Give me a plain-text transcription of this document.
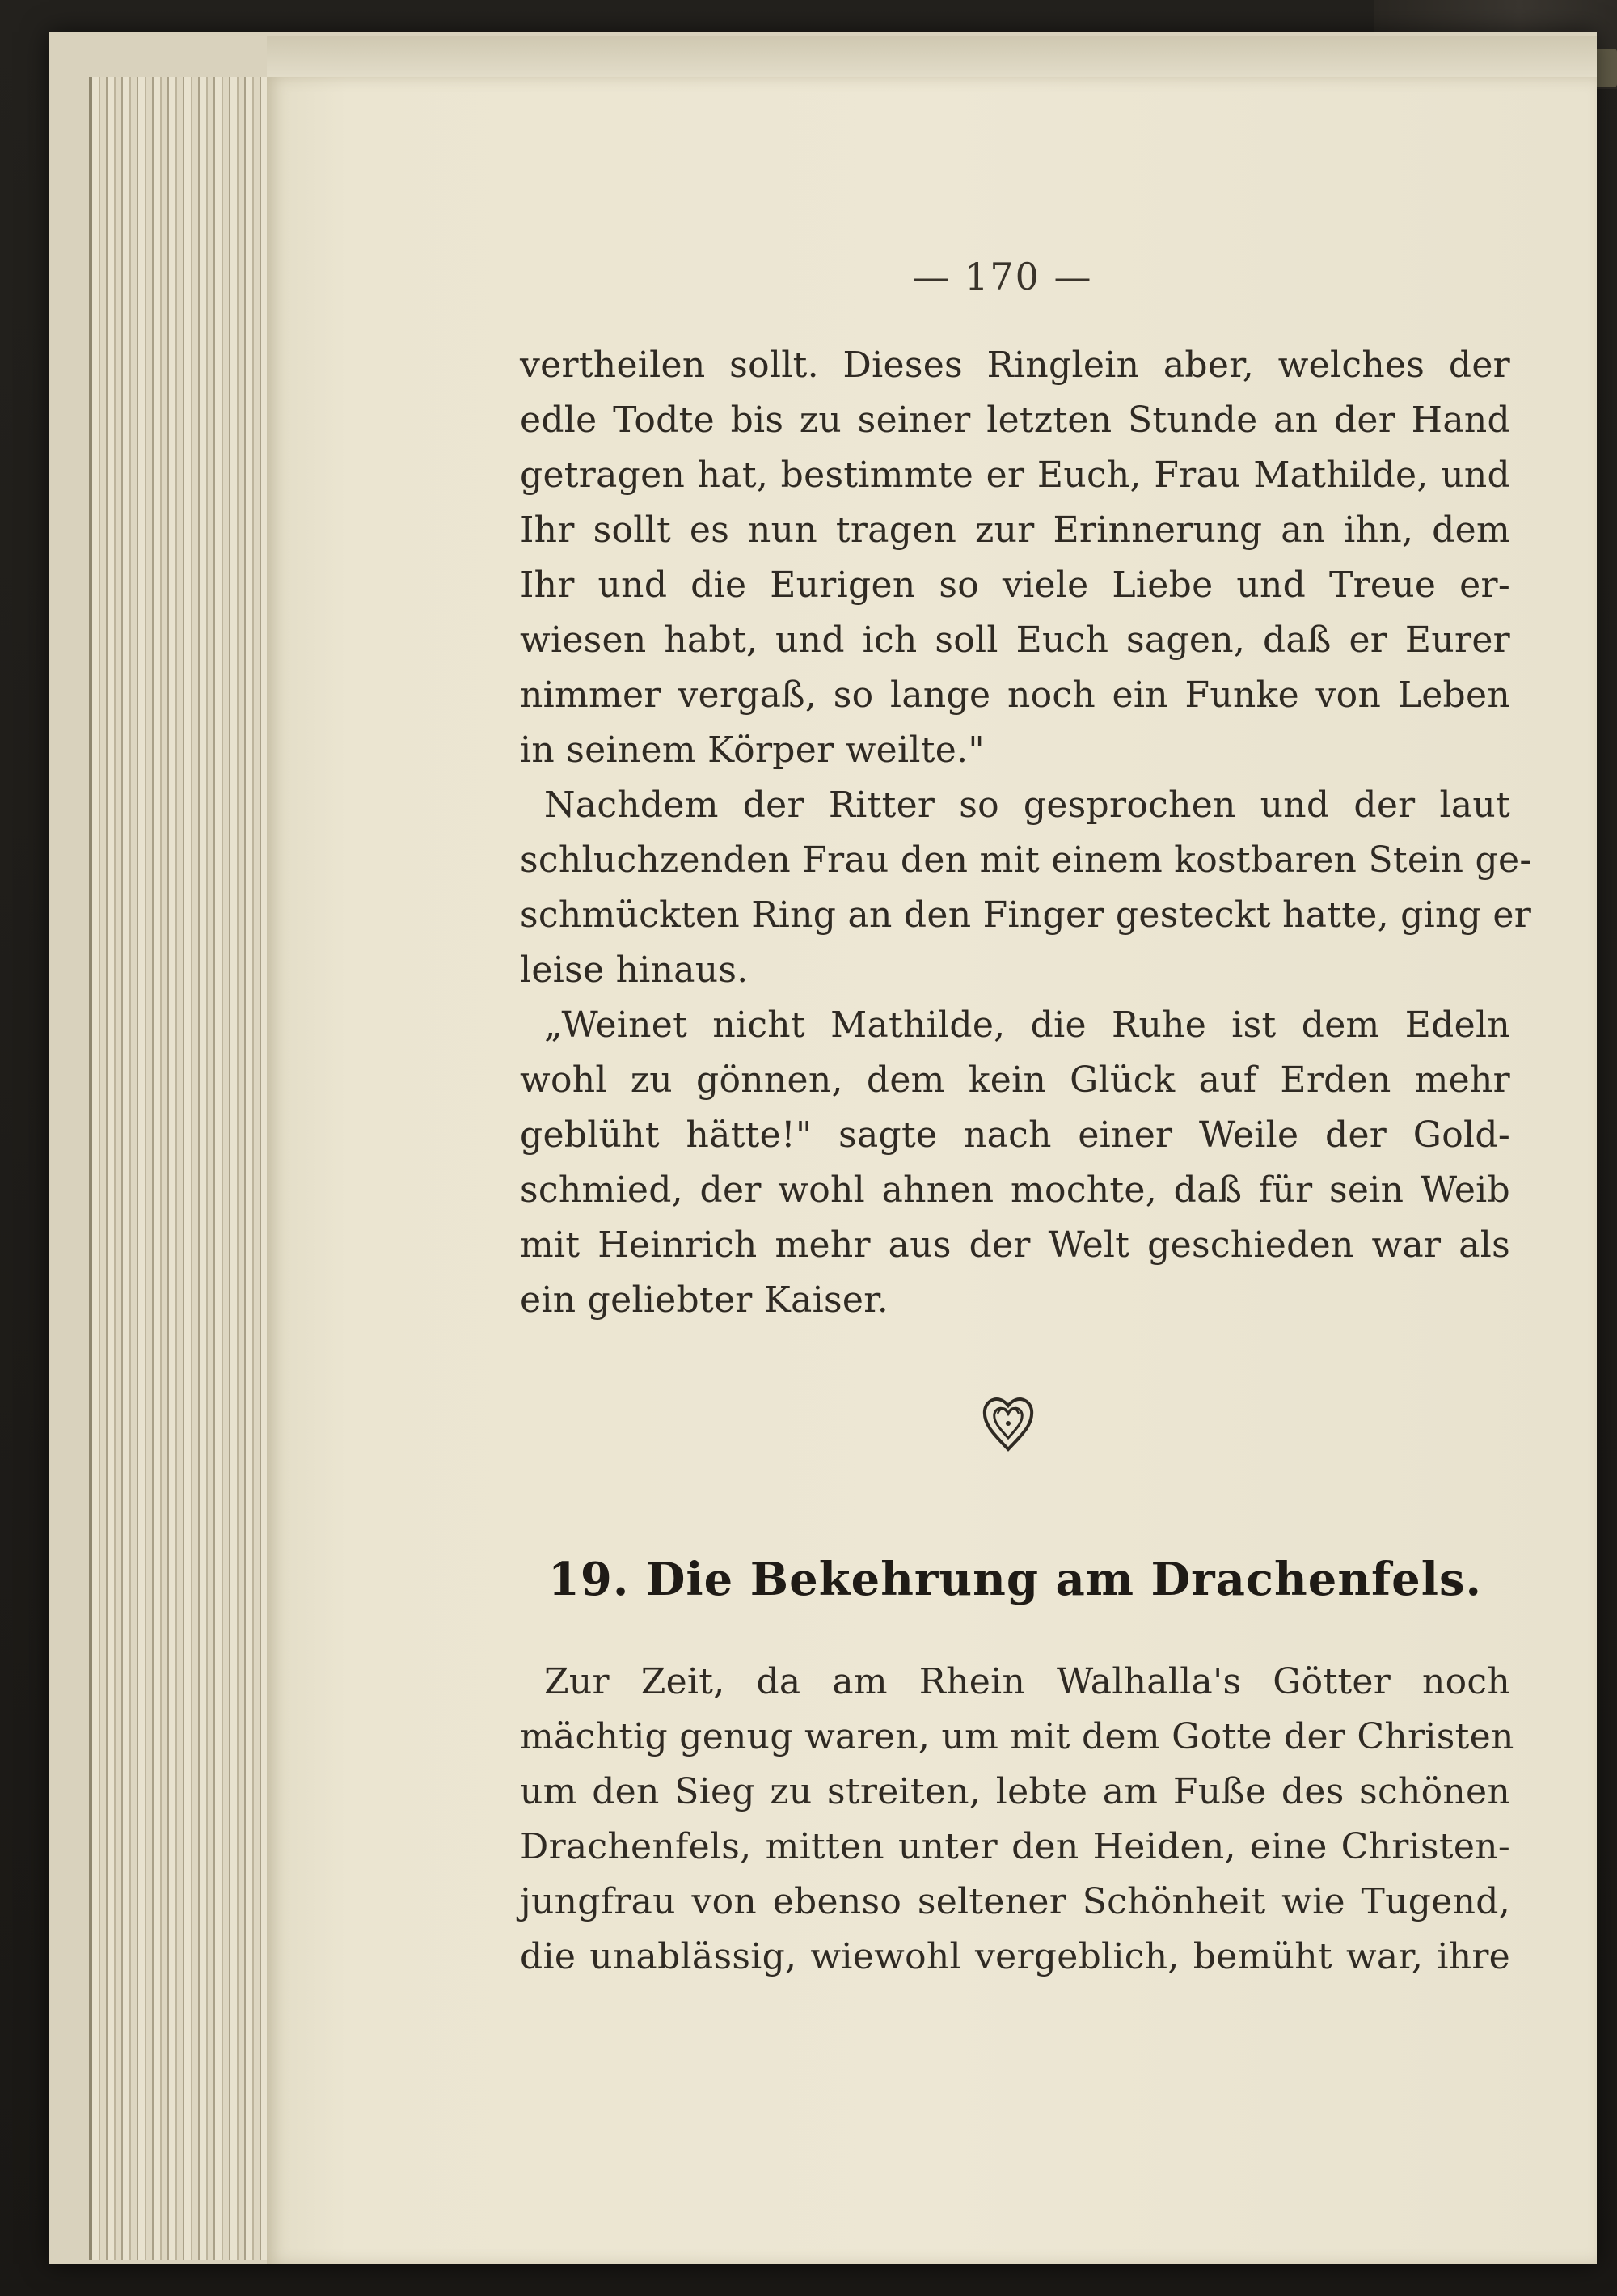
— 170 —
vertheilen sollt. Dieses Ringlein aber, welches der
edle Todte bis zu seiner letzten Stunde an der Hand
getragen hat, bestimmte er Euch, Frau Mathilde, und
Ihr sollt es nun tragen zur Erinnerung an ihn, dem
Ihr und die Eurigen so viele Liebe und Treue er-
wiesen habt, und ich soll Euch sagen, daß er Eurer
nimmer vergaß, so lange noch ein Funke von Leben
in seinem Körper weilte."
Nachdem der Ritter so gesprochen und der laut
schluchzenden Frau den mit einem kostbaren Stein ge-
schmückten Ring an den Finger gesteckt hatte, ging er
leise hinaus.
„Weinet nicht Mathilde, die Ruhe ist dem Edeln
wohl zu gönnen, dem kein Glück auf Erden mehr
geblüht hätte!" sagte nach einer Weile der Gold-
schmied, der wohl ahnen mochte, daß für sein Weib
mit Heinrich mehr aus der Welt geschieden war als
ein geliebter Kaiser.
19. Die Bekehrung am Drachenfels.
Zur Zeit, da am Rhein Walhalla's Götter noch
mächtig genug waren, um mit dem Gotte der Christen
um den Sieg zu streiten, lebte am Fuße des schönen
Drachenfels, mitten unter den Heiden, eine Christen-
jungfrau von ebenso seltener Schönheit wie Tugend,
die unablässig, wiewohl vergeblich, bemüht war, ihre
